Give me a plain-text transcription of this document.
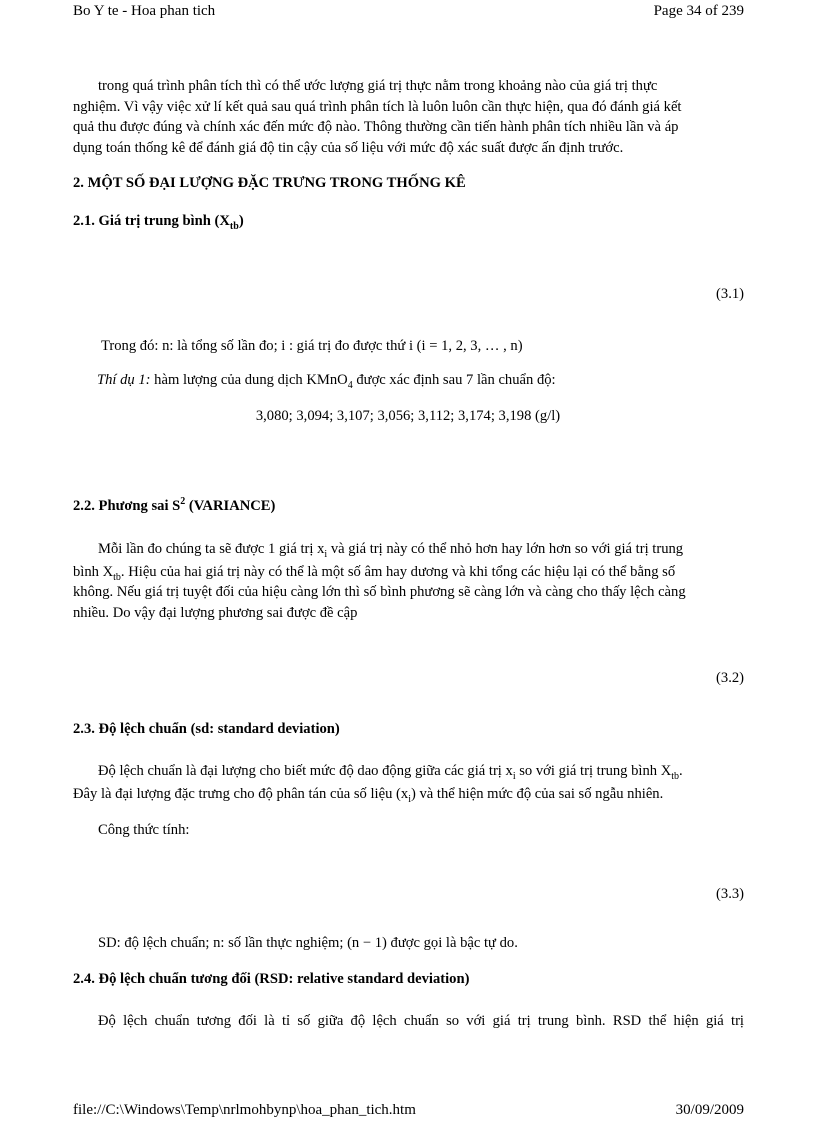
Bo Y te - Hoa phan tich	Page 34 of 239
trong quá trình phân tích thì có thể ước lượng giá trị thực nằm trong khoảng nào của giá trị thực
nghiệm. Vì vậy việc xử lí kết quả sau quá trình phân tích là luôn luôn cần thực hiện, qua đó đánh giá kết
quả thu được đúng và chính xác đến mức độ nào. Thông thường cần tiến hành phân tích nhiều lần và áp
dụng toán thống kê để đánh giá độ tin cậy của số liệu với mức độ xác suất được ấn định trước.
2. MỘT SỐ ĐẠI LƯỢNG ĐẶC TRƯNG TRONG THỐNG KÊ
2.1. Giá trị trung bình $(X_{tb})$
(3.1)
Trong đó: n: là tổng số lần đo; i : giá trị đo được thứ i (i = 1, 2, 3, … , n)
Thí dụ 1: hàm lượng của dung dịch KMnO$_4$ được xác định sau 7 lần chuẩn độ:
3,080; 3,094; 3,107; 3,056; 3,112; 3,174; 3,198 (g/l)
2.2. Phương sai $S^2$ (VARIANCE)
Mỗi lần đo chúng ta sẽ được 1 giá trị $x_i$ và giá trị này có thể nhỏ hơn hay lớn hơn so với giá trị trung
bình $X_{tb}$. Hiệu của hai giá trị này có thể là một số âm hay dương và khi tổng các hiệu lại có thể bằng số
không. Nếu giá trị tuyệt đối của hiệu càng lớn thì số bình phương sẽ càng lớn và càng cho thấy lệch càng
nhiều. Do vậy đại lượng phương sai được đề cập
(3.2)
2.3. Độ lệch chuẩn (sd: standard deviation)
Độ lệch chuẩn là đại lượng cho biết mức độ dao động giữa các giá trị $x_i$ so với giá trị trung bình $X_{tb}$.
Đây là đại lượng đặc trưng cho độ phân tán của số liệu $(x_i)$ và thể hiện mức độ của sai số ngẫu nhiên.
Công thức tính:
(3.3)
SD: độ lệch chuẩn; n: số lần thực nghiệm; (n − 1) được gọi là bậc tự do.
2.4. Độ lệch chuẩn tương đối (RSD: relative standard deviation)
Độ lệch chuẩn tương đối là tỉ số giữa độ lệch chuẩn so với giá trị trung bình. RSD thể hiện giá trị
file://C:\Windows\Temp\nrlmohbynp\hoa_phan_tich.htm	30/09/2009
